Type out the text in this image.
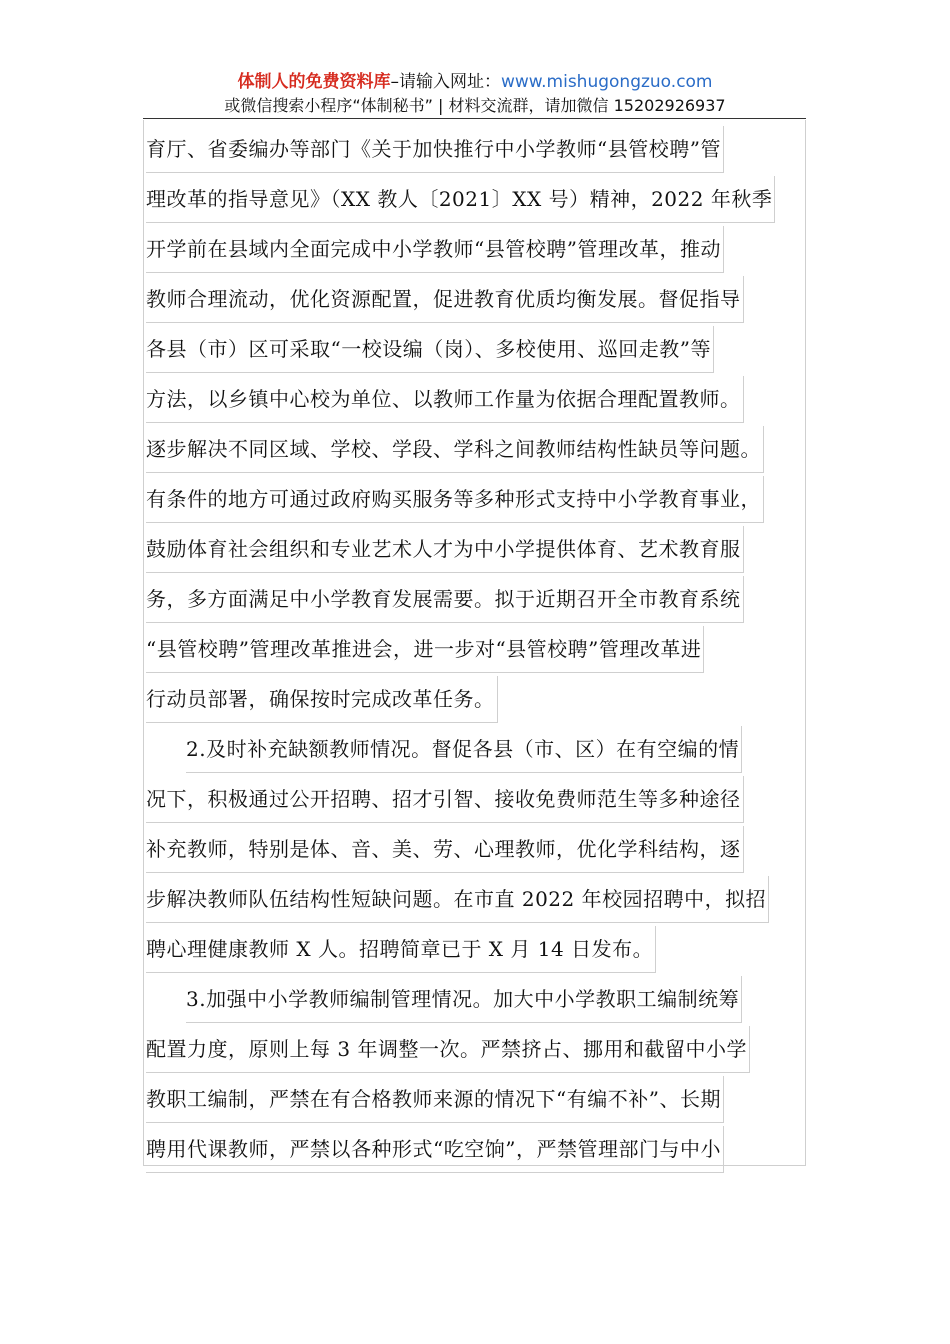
体制人的免费资料库–请输入网址：www.mishugongzuo.com
或微信搜索小程序“体制秘书” | 材料交流群，请加微信 15202926937
育厅、省委编办等部门《关于加快推行中小学教师“县管校聘”管
理改革的指导意见》（XX 教人〔2021〕XX 号）精神，2022 年秋季
开学前在县域内全面完成中小学教师“县管校聘”管理改革，推动
教师合理流动，优化资源配置，促进教育优质均衡发展。督促指导
各县（市）区可采取“一校设编（岗）、多校使用、巡回走教”等
方法，以乡镇中心校为单位、以教师工作量为依据合理配置教师。
逐步解决不同区域、学校、学段、学科之间教师结构性缺员等问题。
有条件的地方可通过政府购买服务等多种形式支持中小学教育事业，
鼓励体育社会组织和专业艺术人才为中小学提供体育、艺术教育服
务，多方面满足中小学教育发展需要。拟于近期召开全市教育系统
“县管校聘”管理改革推进会，进一步对“县管校聘”管理改革进
行动员部署，确保按时完成改革任务。
2.及时补充缺额教师情况。督促各县（市、区）在有空编的情
况下，积极通过公开招聘、招才引智、接收免费师范生等多种途径
补充教师，特别是体、音、美、劳、心理教师，优化学科结构，逐
步解决教师队伍结构性短缺问题。在市直 2022 年校园招聘中，拟招
聘心理健康教师 X 人。招聘简章已于 X 月 14 日发布。
3.加强中小学教师编制管理情况。加大中小学教职工编制统筹
配置力度，原则上每 3 年调整一次。严禁挤占、挪用和截留中小学
教职工编制，严禁在有合格教师来源的情况下“有编不补”、长期
聘用代课教师，严禁以各种形式“吃空饷”，严禁管理部门与中小
